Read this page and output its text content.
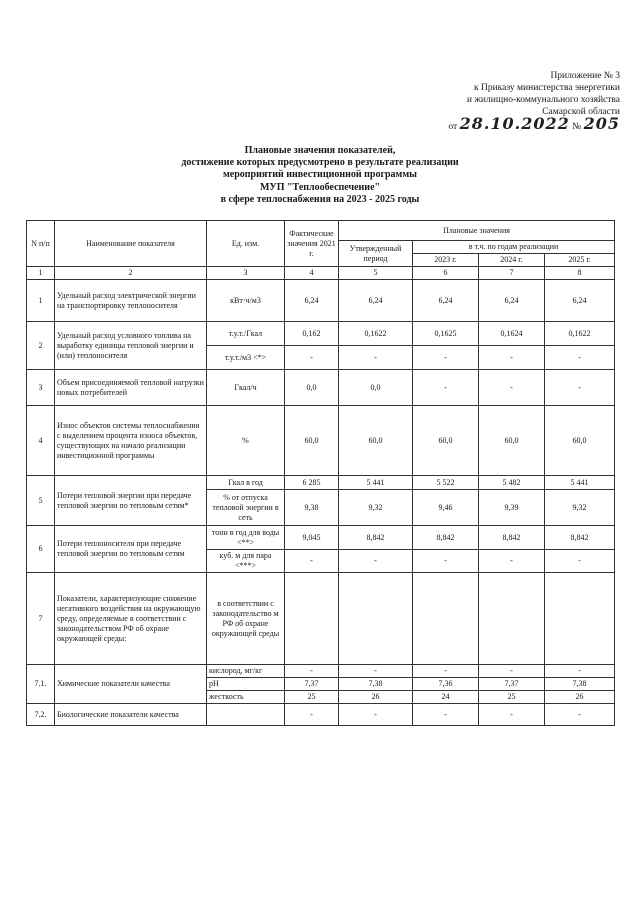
Приложение № 3
к Приказу министерства энергетики
и жилищно-коммунального хозяйства
Самарской области
от 28.10.2022 № 205
Плановые значения показателей,
достижение которых предусмотрено в результате реализации
мероприятий инвестиционной программы
МУП "Теплообеспечение"
в сфере теплоснабжения на 2023 - 2025 годы
N п/п	Наименование показателя	Ед. изм.	Фактические значения 2021 г.	Плановые значения			
				Утвержденный период	в т.ч. по годам реализации		
					2023 г.	2024 г.	2025 г.
1	2	3	4	5	6	7	8
1	Удельный расход электрической энергии на транспортировку теплоносителя	кВт·ч/м3	6,24	6,24	6,24	6,24	6,24
2	Удельный расход условного топлива на выработку единицы тепловой энергии и (или) теплоносителя	т.у.т./Гкал	0,162	0,1622	0,1625	0,1624	0,1622
		т.у.т./м3 <*>	-	-	-	-	-
3	Объем присоединяемой тепловой нагрузки новых потребителей	Гкал/ч	0,0	0,0	-	-	-
4	Износ объектов системы теплоснабжения с выделением процента износа объектов, существующих на начало реализации инвестиционной программы	%	60,0	60,0	60,0	60,0	60,0
5	Потери тепловой энергии при передаче тепловой энергии по тепловым сетям*	Гкал в год	6 285	5 441	5 522	5 482	5 441
		% от отпуска тепловой энергии в сеть	9,38	9,32	9,46	9,39	9,32
6	Потери теплоносителя при передаче тепловой энергии по тепловым сетям	тонн в год для воды <**>	9,045	8,842	8,842	8,842	8,842
		куб. м для пара <***>	-	-	-	-	-
7	Показатели, характеризующие снижение негативного воздействия на окружающую среду, определяемые в соответствии с законодательством РФ об охране окружающей среды:	в соответствии с законодательство м РФ об охране окружающей среды					
7.1.	Химические показатели качества	кислород, мг/кг	-	-	-	-	-
		pH	7,37	7,38	7,36	7,37	7,38
		жесткость	25	26	24	25	26
7.2.	Биологические показатели качества		-	-	-	-	-
